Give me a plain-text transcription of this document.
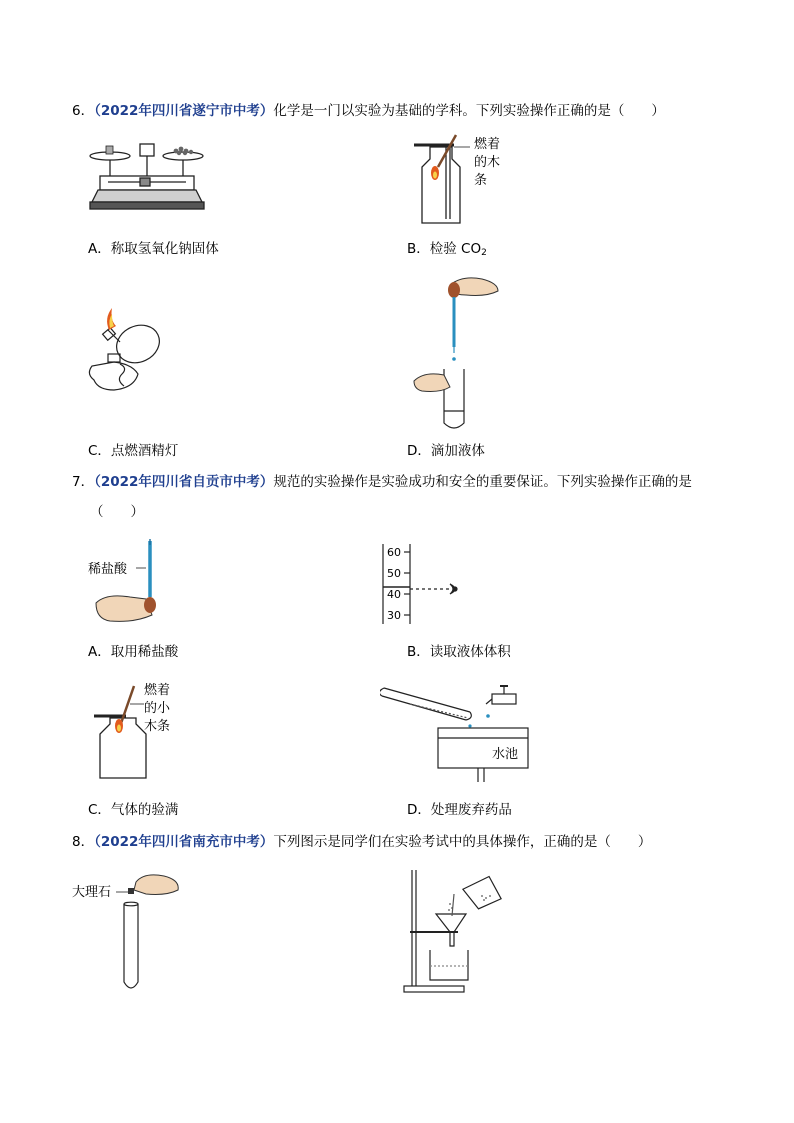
6．（2022年四川省遂宁市中考）化学是一门以实验为基础的学科。下列实验操作正确的是（　　）
A．称取氢氧化钠固体
燃着
的木
条
B．检验 $CO_2$
C．点燃酒精灯	D．滴加液体
7．（2022年四川省自贡市中考）规范的实验操作是实验成功和安全的重要保证。下列实验操作正确的是
（　　）
稀盐酸
A．取用稀盐酸
60
50
40
30
B．读取液体体积
燃着
的小
木条
C．气体的验满
水池
D．处理废弃药品
8．（2022年四川省南充市中考）下列图示是同学们在实验考试中的具体操作，正确的是（　　）
大理石
